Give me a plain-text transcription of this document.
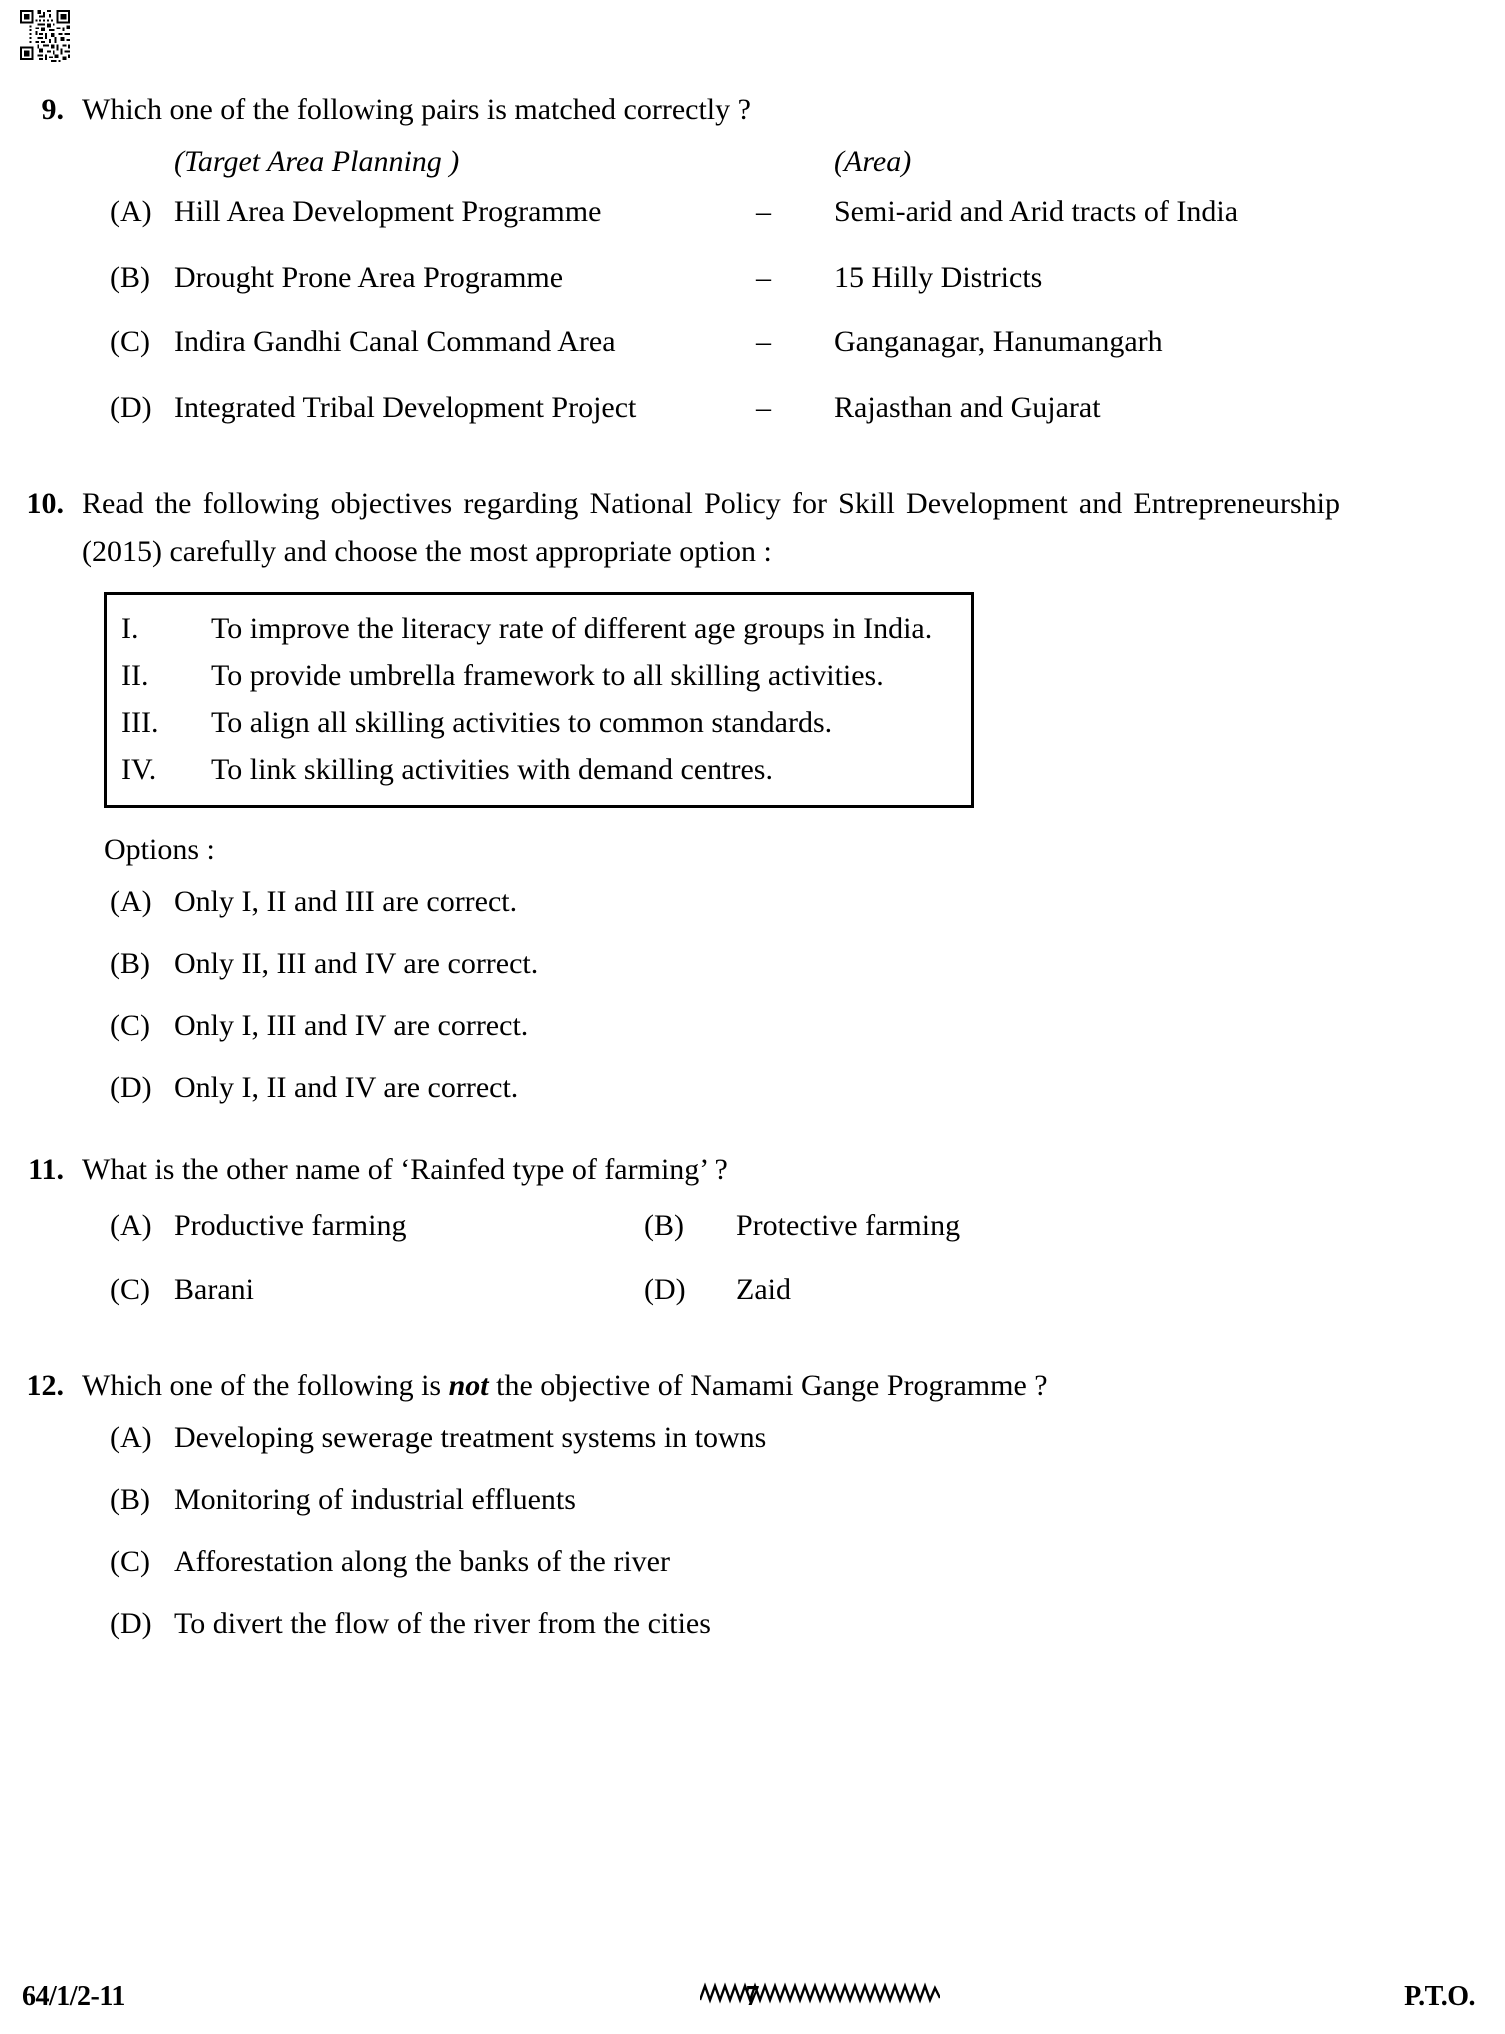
9. Which one of the following pairs is matched correctly ?
	(Target Area Planning )		(Area)
(A)	Hill Area Development Programme	–	Semi-arid and Arid tracts of India
(B)	Drought Prone Area Programme	–	15 Hilly Districts
(C)	Indira Gandhi Canal Command Area	–	Ganganagar, Hanumangarh
(D)	Integrated Tribal Development Project	–	Rajasthan and Gujarat
10. Read the following objectives regarding National Policy for Skill Development and Entrepreneurship (2015) carefully and choose the most appropriate option :
I.	To improve the literacy rate of different age groups in India.
II.	To provide umbrella framework to all skilling activities.
III.	To align all skilling activities to common standards.
IV.	To link skilling activities with demand centres.
Options :
(A) Only I, II and III are correct.
(B) Only II, III and IV are correct.
(C) Only I, III and IV are correct.
(D) Only I, II and IV are correct.
11. What is the other name of ‘Rainfed type of farming’ ?
(A)	Productive farming	(B)	Protective farming
(C)	Barani	(D)	Zaid
12. Which one of the following is not the objective of Namami Gange Programme ?
(A) Developing sewerage treatment systems in towns
(B) Monitoring of industrial effluents
(C) Afforestation along the banks of the river
(D) To divert the flow of the river from the cities
64/1/2-11	7	P.T.O.
